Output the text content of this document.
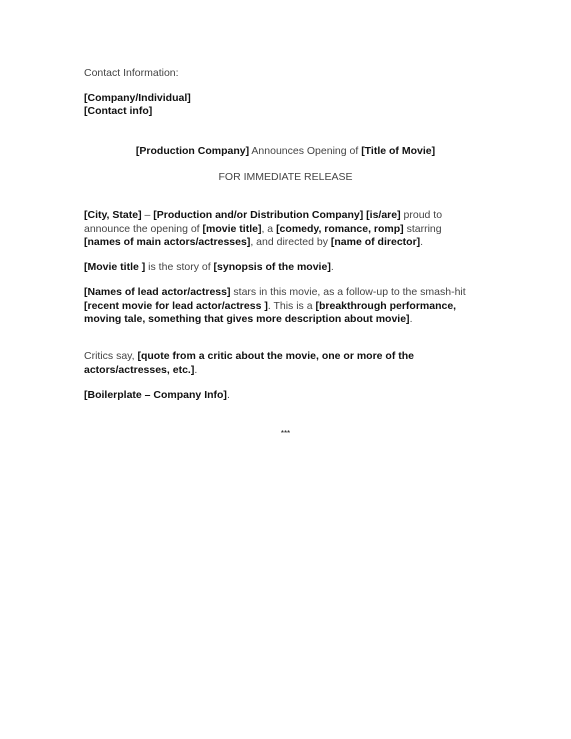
Contact Information:
[Company/Individual]
[Contact info]
[Production Company] Announces Opening of [Title of Movie]
FOR IMMEDIATE RELEASE
[City, State] – [Production and/or Distribution Company] [is/are] proud to announce the opening of [movie title], a [comedy, romance, romp] starring [names of main actors/actresses], and directed by [name of director].
[Movie title ] is the story of [synopsis of the movie].
[Names of lead actor/actress] stars in this movie, as a follow-up to the smash-hit [recent movie for lead actor/actress ]. This is a [breakthrough performance, moving tale, something that gives more description about movie].
Critics say, [quote from a critic about the movie, one or more of the actors/actresses, etc.].
[Boilerplate – Company Info].
***
